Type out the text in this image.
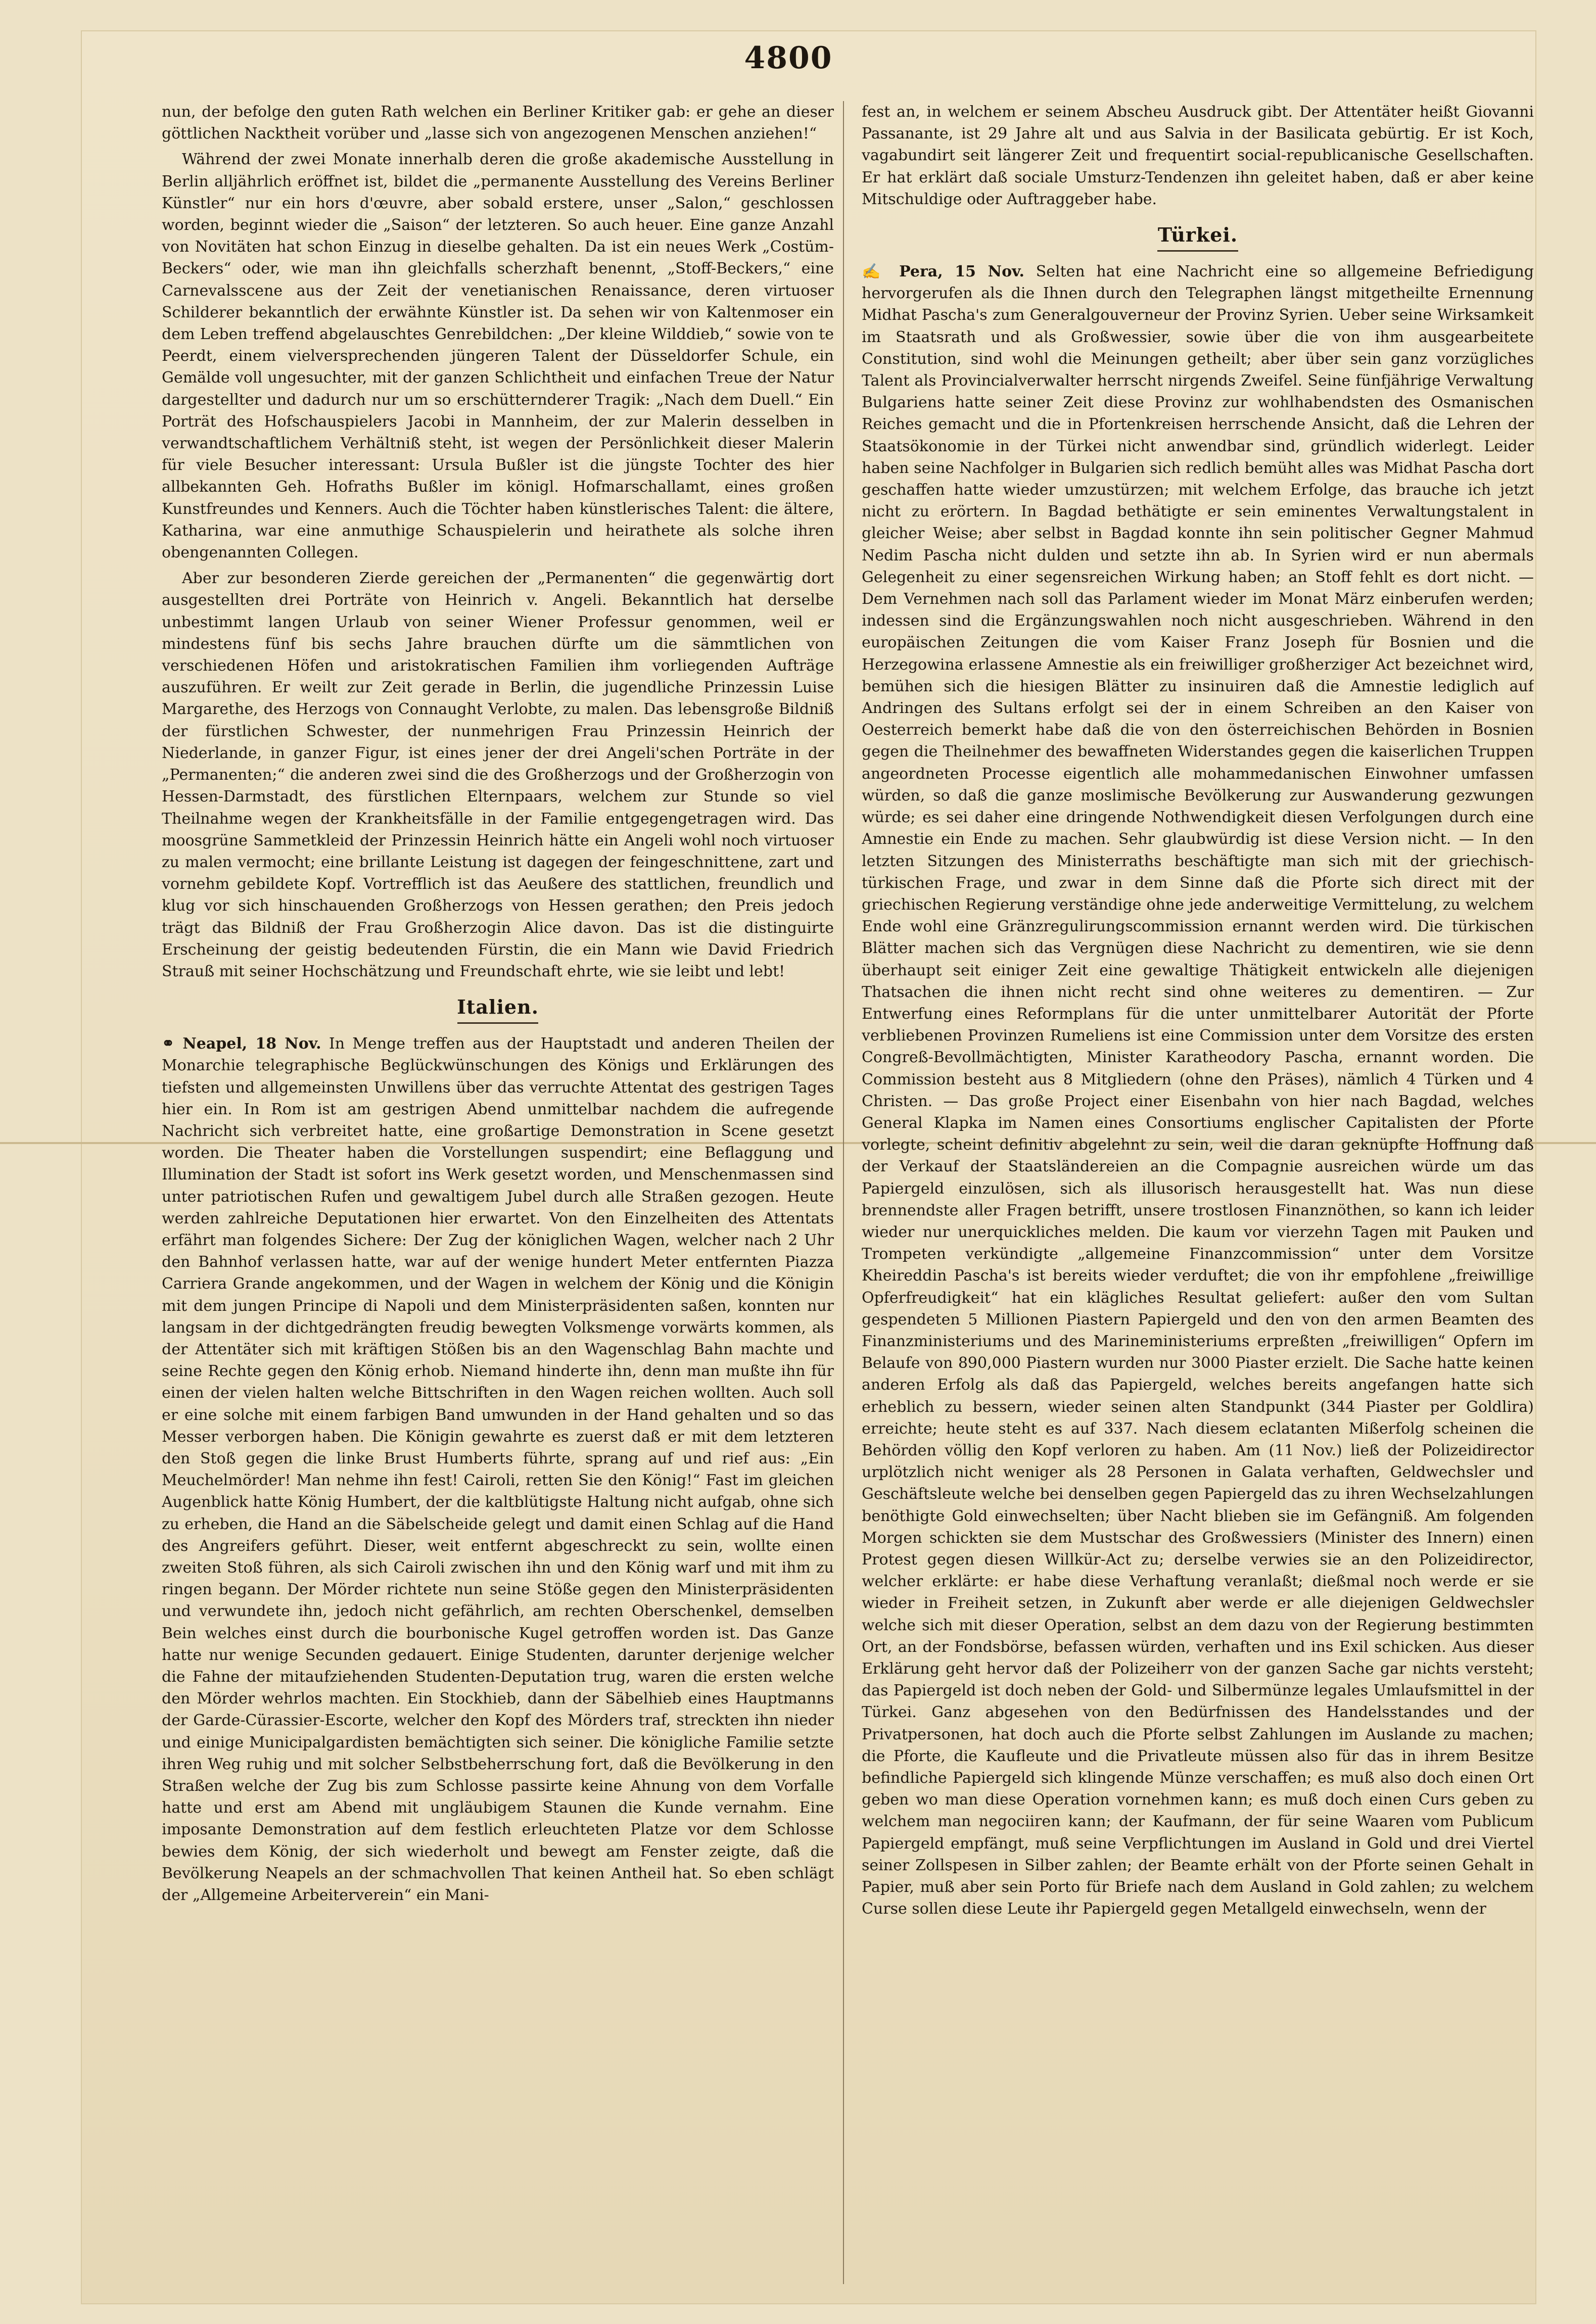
4800

nun, der befolge den guten Rath welchen ein Berliner Kritiker gab: er gehe an dieser göttlichen Nacktheit vorüber und „lasse sich von angezogenen Menschen anziehen!“

Während der zwei Monate innerhalb deren die große akademische Ausstellung in Berlin alljährlich eröffnet ist, bildet die „permanente Ausstellung des Vereins Berliner Künstler“ nur ein hors d'œuvre, aber sobald erstere, unser „Salon,“ geschlossen worden, beginnt wieder die „Saison“ der letzteren. So auch heuer. Eine ganze Anzahl von Novitäten hat schon Einzug in dieselbe gehalten. Da ist ein neues Werk „Costüm-Beckers“ oder, wie man ihn gleichfalls scherzhaft benennt, „Stoff-Beckers,“ eine Carnevalsscene aus der Zeit der venetianischen Renaissance, deren virtuoser Schilderer bekanntlich der erwähnte Künstler ist. Da sehen wir von Kaltenmoser ein dem Leben treffend abgelauschtes Genrebildchen: „Der kleine Wilddieb,“ sowie von te Peerdt, einem vielversprechenden jüngeren Talent der Düsseldorfer Schule, ein Gemälde voll ungesuchter, mit der ganzen Schlichtheit und einfachen Treue der Natur dargestellter und dadurch nur um so erschütternderer Tragik: „Nach dem Duell.“ Ein Porträt des Hofschauspielers Jacobi in Mannheim, der zur Malerin desselben in verwandtschaftlichem Verhältniß steht, ist wegen der Persönlichkeit dieser Malerin für viele Besucher interessant: Ursula Bußler ist die jüngste Tochter des hier allbekannten Geh. Hofraths Bußler im königl. Hofmarschallamt, eines großen Kunstfreundes und Kenners. Auch die Töchter haben künstlerisches Talent: die ältere, Katharina, war eine anmuthige Schauspielerin und heirathete als solche ihren obengenannten Collegen.

Aber zur besonderen Zierde gereichen der „Permanenten“ die gegenwärtig dort ausgestellten drei Porträte von Heinrich v. Angeli. Bekanntlich hat derselbe unbestimmt langen Urlaub von seiner Wiener Professur genommen, weil er mindestens fünf bis sechs Jahre brauchen dürfte um die sämmtlichen von verschiedenen Höfen und aristokratischen Familien ihm vorliegenden Aufträge auszuführen. Er weilt zur Zeit gerade in Berlin, die jugendliche Prinzessin Luise Margarethe, des Herzogs von Connaught Verlobte, zu malen. Das lebensgroße Bildniß der fürstlichen Schwester, der nunmehrigen Frau Prinzessin Heinrich der Niederlande, in ganzer Figur, ist eines jener der drei Angeli'schen Porträte in der „Permanenten;“ die anderen zwei sind die des Großherzogs und der Großherzogin von Hessen-Darmstadt, des fürstlichen Elternpaars, welchem zur Stunde so viel Theilnahme wegen der Krankheitsfälle in der Familie entgegengetragen wird. Das moosgrüne Sammetkleid der Prinzessin Heinrich hätte ein Angeli wohl noch virtuoser zu malen vermocht; eine brillante Leistung ist dagegen der feingeschnittene, zart und vornehm gebildete Kopf. Vortrefflich ist das Aeußere des stattlichen, freundlich und klug vor sich hinschauenden Großherzogs von Hessen gerathen; den Preis jedoch trägt das Bildniß der Frau Großherzogin Alice davon. Das ist die distinguirte Erscheinung der geistig bedeutenden Fürstin, die ein Mann wie David Friedrich Strauß mit seiner Hochschätzung und Freundschaft ehrte, wie sie leibt und lebt!

Italien.

⚭ Neapel, 18 Nov. In Menge treffen aus der Hauptstadt und anderen Theilen der Monarchie telegraphische Beglückwünschungen des Königs und Erklärungen des tiefsten und allgemeinsten Unwillens über das verruchte Attentat des gestrigen Tages hier ein. In Rom ist am gestrigen Abend unmittelbar nachdem die aufregende Nachricht sich verbreitet hatte, eine großartige Demonstration in Scene gesetzt worden. Die Theater haben die Vorstellungen suspendirt; eine Beflaggung und Illumination der Stadt ist sofort ins Werk gesetzt worden, und Menschenmassen sind unter patriotischen Rufen und gewaltigem Jubel durch alle Straßen gezogen. Heute werden zahlreiche Deputationen hier erwartet. Von den Einzelheiten des Attentats erfährt man folgendes Sichere: Der Zug der königlichen Wagen, welcher nach 2 Uhr den Bahnhof verlassen hatte, war auf der wenige hundert Meter entfernten Piazza Carriera Grande angekommen, und der Wagen in welchem der König und die Königin mit dem jungen Principe di Napoli und dem Ministerpräsidenten saßen, konnten nur langsam in der dichtgedrängten freudig bewegten Volksmenge vorwärts kommen, als der Attentäter sich mit kräftigen Stößen bis an den Wagenschlag Bahn machte und seine Rechte gegen den König erhob. Niemand hinderte ihn, denn man mußte ihn für einen der vielen halten welche Bittschriften in den Wagen reichen wollten. Auch soll er eine solche mit einem farbigen Band umwunden in der Hand gehalten und so das Messer verborgen haben. Die Königin gewahrte es zuerst daß er mit dem letzteren den Stoß gegen die linke Brust Humberts führte, sprang auf und rief aus: „Ein Meuchelmörder! Man nehme ihn fest! Cairoli, retten Sie den König!“ Fast im gleichen Augenblick hatte König Humbert, der die kaltblütigste Haltung nicht aufgab, ohne sich zu erheben, die Hand an die Säbelscheide gelegt und damit einen Schlag auf die Hand des Angreifers geführt. Dieser, weit entfernt abgeschreckt zu sein, wollte einen zweiten Stoß führen, als sich Cairoli zwischen ihn und den König warf und mit ihm zu ringen begann. Der Mörder richtete nun seine Stöße gegen den Ministerpräsidenten und verwundete ihn, jedoch nicht gefährlich, am rechten Oberschenkel, demselben Bein welches einst durch die bourbonische Kugel getroffen worden ist. Das Ganze hatte nur wenige Secunden gedauert. Einige Studenten, darunter derjenige welcher die Fahne der mitaufziehenden Studenten-Deputation trug, waren die ersten welche den Mörder wehrlos machten. Ein Stockhieb, dann der Säbelhieb eines Hauptmanns der Garde-Cürassier-Escorte, welcher den Kopf des Mörders traf, streckten ihn nieder und einige Municipalgardisten bemächtigten sich seiner. Die königliche Familie setzte ihren Weg ruhig und mit solcher Selbstbeherrschung fort, daß die Bevölkerung in den Straßen welche der Zug bis zum Schlosse passirte keine Ahnung von dem Vorfalle hatte und erst am Abend mit ungläubigem Staunen die Kunde vernahm. Eine imposante Demonstration auf dem festlich erleuchteten Platze vor dem Schlosse bewies dem König, der sich wiederholt und bewegt am Fenster zeigte, daß die Bevölkerung Neapels an der schmachvollen That keinen Antheil hat. So eben schlägt der „Allgemeine Arbeiterverein“ ein Mani-

fest an, in welchem er seinem Abscheu Ausdruck gibt. Der Attentäter heißt Giovanni Passanante, ist 29 Jahre alt und aus Salvia in der Basilicata gebürtig. Er ist Koch, vagabundirt seit längerer Zeit und frequentirt social-republicanische Gesellschaften. Er hat erklärt daß sociale Umsturz-Tendenzen ihn geleitet haben, daß er aber keine Mitschuldige oder Auftraggeber habe.

Türkei.

✍ Pera, 15 Nov. Selten hat eine Nachricht eine so allgemeine Befriedigung hervorgerufen als die Ihnen durch den Telegraphen längst mitgetheilte Ernennung Midhat Pascha's zum Generalgouverneur der Provinz Syrien. Ueber seine Wirksamkeit im Staatsrath und als Großwessier, sowie über die von ihm ausgearbeitete Constitution, sind wohl die Meinungen getheilt; aber über sein ganz vorzügliches Talent als Provincialverwalter herrscht nirgends Zweifel. Seine fünfjährige Verwaltung Bulgariens hatte seiner Zeit diese Provinz zur wohlhabendsten des Osmanischen Reiches gemacht und die in Pfortenkreisen herrschende Ansicht, daß die Lehren der Staatsökonomie in der Türkei nicht anwendbar sind, gründlich widerlegt. Leider haben seine Nachfolger in Bulgarien sich redlich bemüht alles was Midhat Pascha dort geschaffen hatte wieder umzustürzen; mit welchem Erfolge, das brauche ich jetzt nicht zu erörtern. In Bagdad bethätigte er sein eminentes Verwaltungstalent in gleicher Weise; aber selbst in Bagdad konnte ihn sein politischer Gegner Mahmud Nedim Pascha nicht dulden und setzte ihn ab. In Syrien wird er nun abermals Gelegenheit zu einer segensreichen Wirkung haben; an Stoff fehlt es dort nicht. — Dem Vernehmen nach soll das Parlament wieder im Monat März einberufen werden; indessen sind die Ergänzungswahlen noch nicht ausgeschrieben. Während in den europäischen Zeitungen die vom Kaiser Franz Joseph für Bosnien und die Herzegowina erlassene Amnestie als ein freiwilliger großherziger Act bezeichnet wird, bemühen sich die hiesigen Blätter zu insinuiren daß die Amnestie lediglich auf Andringen des Sultans erfolgt sei der in einem Schreiben an den Kaiser von Oesterreich bemerkt habe daß die von den österreichischen Behörden in Bosnien gegen die Theilnehmer des bewaffneten Widerstandes gegen die kaiserlichen Truppen angeordneten Processe eigentlich alle mohammedanischen Einwohner umfassen würden, so daß die ganze moslimische Bevölkerung zur Auswanderung gezwungen würde; es sei daher eine dringende Nothwendigkeit diesen Verfolgungen durch eine Amnestie ein Ende zu machen. Sehr glaubwürdig ist diese Version nicht. — In den letzten Sitzungen des Ministerraths beschäftigte man sich mit der griechisch-türkischen Frage, und zwar in dem Sinne daß die Pforte sich direct mit der griechischen Regierung verständige ohne jede anderweitige Vermittelung, zu welchem Ende wohl eine Gränzregulirungscommission ernannt werden wird. Die türkischen Blätter machen sich das Vergnügen diese Nachricht zu dementiren, wie sie denn überhaupt seit einiger Zeit eine gewaltige Thätigkeit entwickeln alle diejenigen Thatsachen die ihnen nicht recht sind ohne weiteres zu dementiren. — Zur Entwerfung eines Reformplans für die unter unmittelbarer Autorität der Pforte verbliebenen Provinzen Rumeliens ist eine Commission unter dem Vorsitze des ersten Congreß-Bevollmächtigten, Minister Karatheodory Pascha, ernannt worden. Die Commission besteht aus 8 Mitgliedern (ohne den Präses), nämlich 4 Türken und 4 Christen. — Das große Project einer Eisenbahn von hier nach Bagdad, welches General Klapka im Namen eines Consortiums englischer Capitalisten der Pforte vorlegte, scheint definitiv abgelehnt zu sein, weil die daran geknüpfte Hoffnung daß der Verkauf der Staatsländereien an die Compagnie ausreichen würde um das Papiergeld einzulösen, sich als illusorisch herausgestellt hat. Was nun diese brennendste aller Fragen betrifft, unsere trostlosen Finanznöthen, so kann ich leider wieder nur unerquickliches melden. Die kaum vor vierzehn Tagen mit Pauken und Trompeten verkündigte „allgemeine Finanzcommission“ unter dem Vorsitze Kheireddin Pascha's ist bereits wieder verduftet; die von ihr empfohlene „freiwillige Opferfreudigkeit“ hat ein klägliches Resultat geliefert: außer den vom Sultan gespendeten 5 Millionen Piastern Papiergeld und den von den armen Beamten des Finanzministeriums und des Marineministeriums erpreßten „freiwilligen“ Opfern im Belaufe von 890,000 Piastern wurden nur 3000 Piaster erzielt. Die Sache hatte keinen anderen Erfolg als daß das Papiergeld, welches bereits angefangen hatte sich erheblich zu bessern, wieder seinen alten Standpunkt (344 Piaster per Goldlira) erreichte; heute steht es auf 337. Nach diesem eclatanten Mißerfolg scheinen die Behörden völlig den Kopf verloren zu haben. Am (11 Nov.) ließ der Polizeidirector urplötzlich nicht weniger als 28 Personen in Galata verhaften, Geldwechsler und Geschäftsleute welche bei denselben gegen Papiergeld das zu ihren Wechselzahlungen benöthigte Gold einwechselten; über Nacht blieben sie im Gefängniß. Am folgenden Morgen schickten sie dem Mustschar des Großwessiers (Minister des Innern) einen Protest gegen diesen Willkür-Act zu; derselbe verwies sie an den Polizeidirector, welcher erklärte: er habe diese Verhaftung veranlaßt; dießmal noch werde er sie wieder in Freiheit setzen, in Zukunft aber werde er alle diejenigen Geldwechsler welche sich mit dieser Operation, selbst an dem dazu von der Regierung bestimmten Ort, an der Fondsbörse, befassen würden, verhaften und ins Exil schicken. Aus dieser Erklärung geht hervor daß der Polizeiherr von der ganzen Sache gar nichts versteht; das Papiergeld ist doch neben der Gold- und Silbermünze legales Umlaufsmittel in der Türkei. Ganz abgesehen von den Bedürfnissen des Handelsstandes und der Privatpersonen, hat doch auch die Pforte selbst Zahlungen im Auslande zu machen; die Pforte, die Kaufleute und die Privatleute müssen also für das in ihrem Besitze befindliche Papiergeld sich klingende Münze verschaffen; es muß also doch einen Ort geben wo man diese Operation vornehmen kann; es muß doch einen Curs geben zu welchem man negociiren kann; der Kaufmann, der für seine Waaren vom Publicum Papiergeld empfängt, muß seine Verpflichtungen im Ausland in Gold und drei Viertel seiner Zollspesen in Silber zahlen; der Beamte erhält von der Pforte seinen Gehalt in Papier, muß aber sein Porto für Briefe nach dem Ausland in Gold zahlen; zu welchem Curse sollen diese Leute ihr Papiergeld gegen Metallgeld einwechseln, wenn der
